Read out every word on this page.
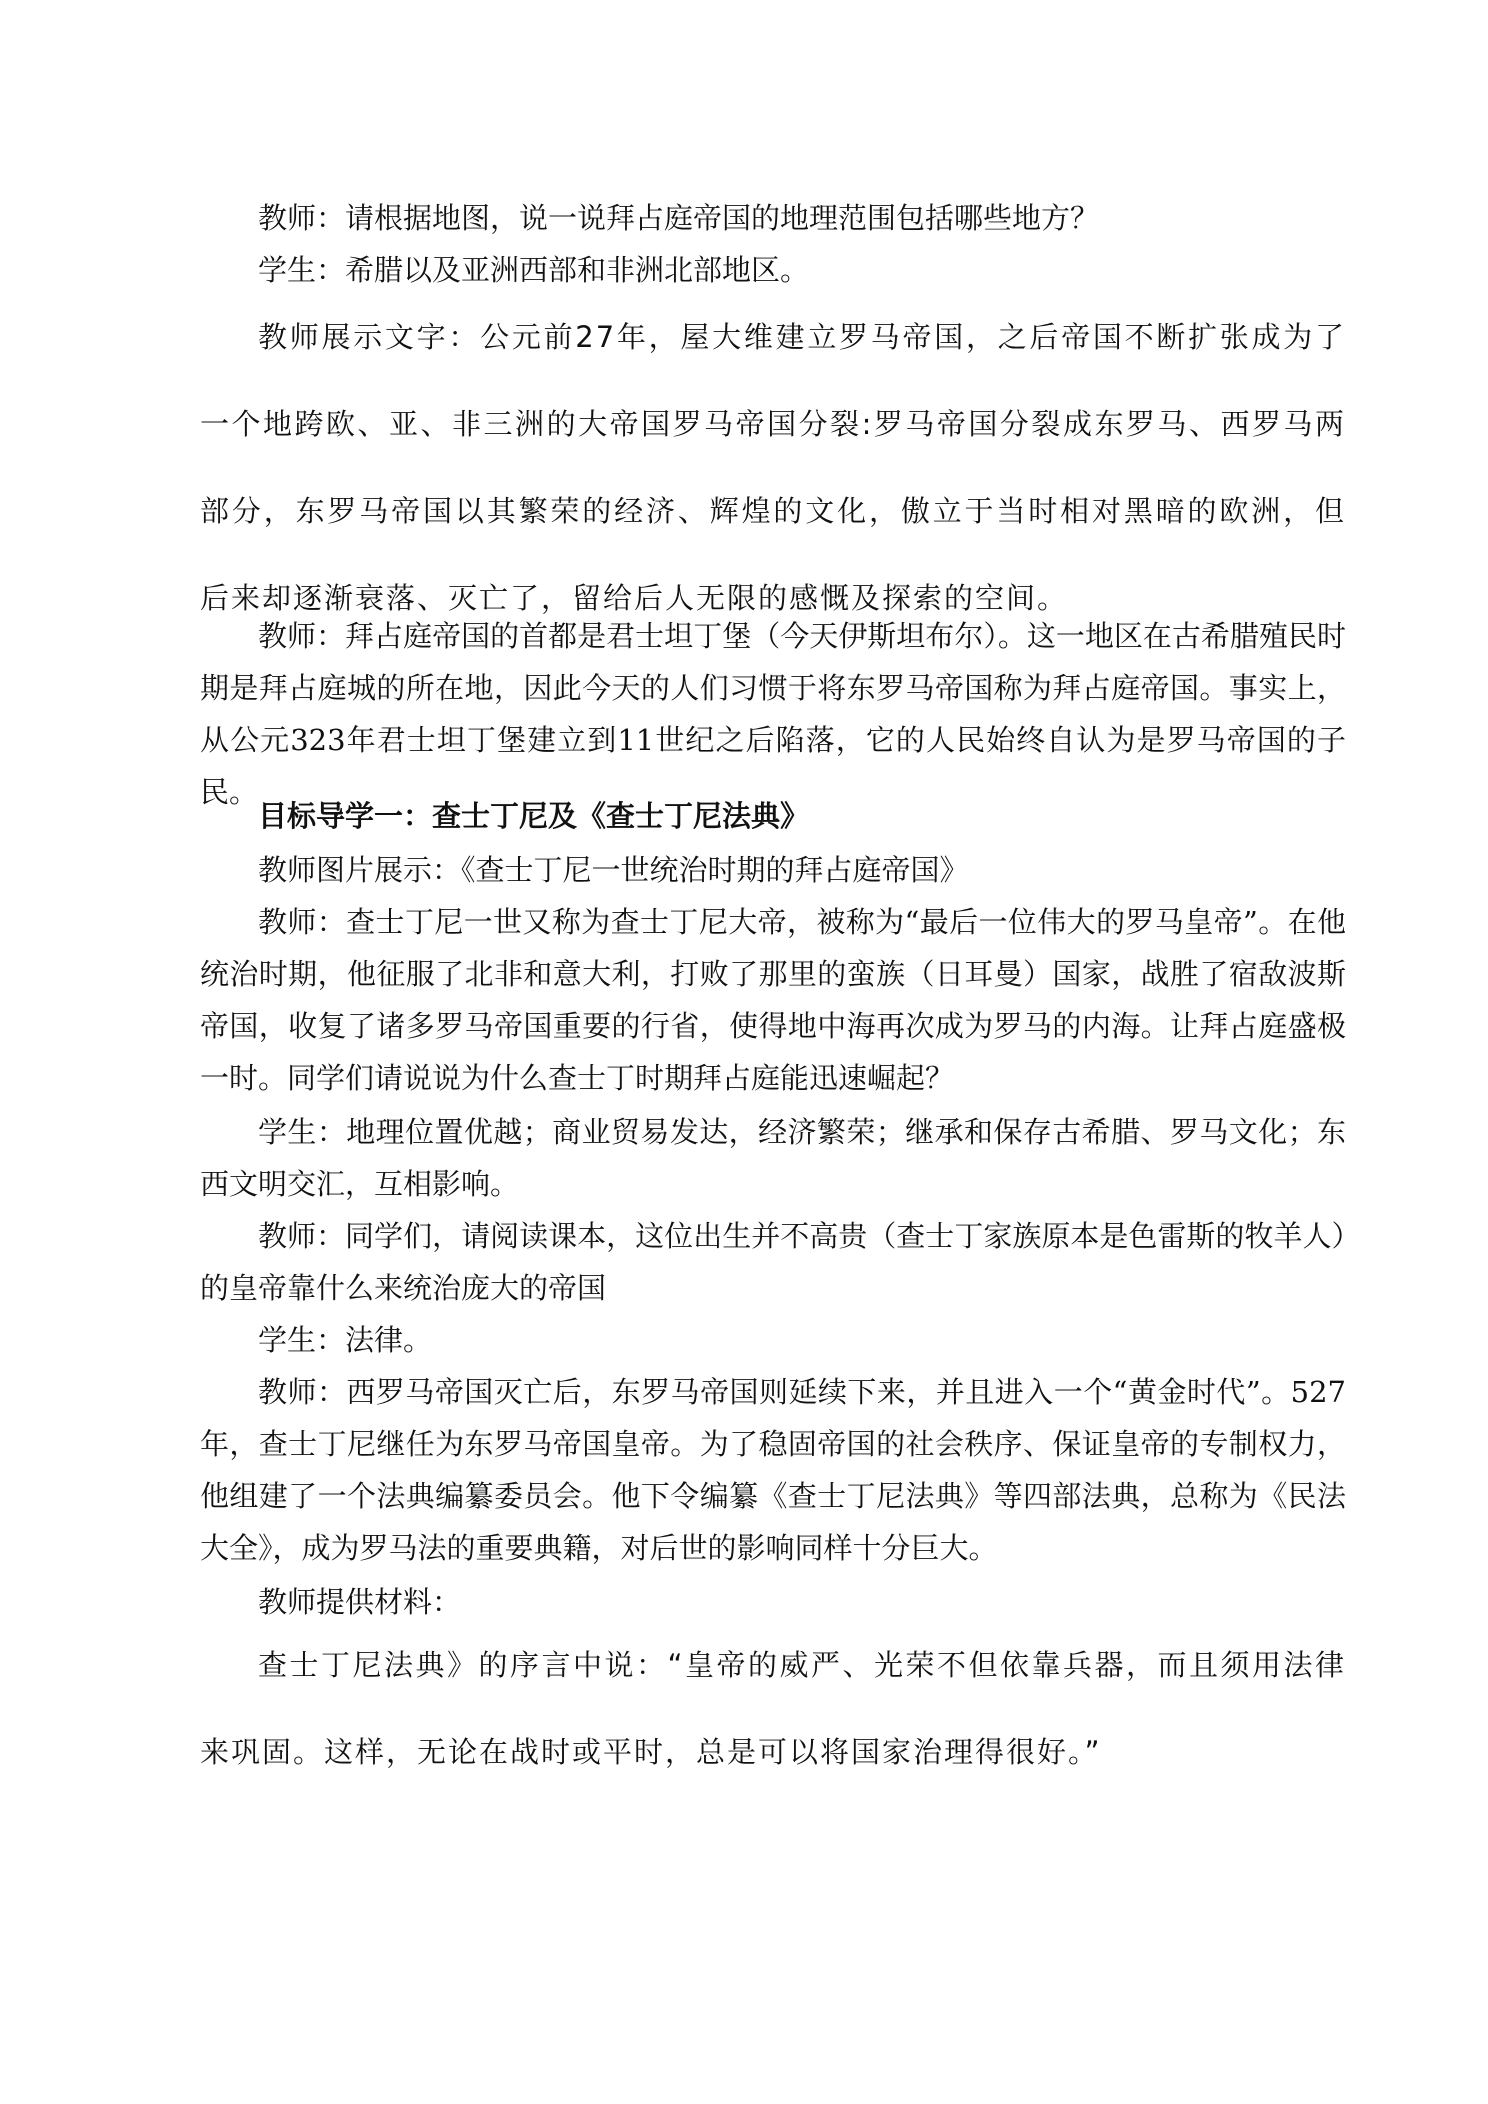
教师：请根据地图，说一说拜占庭帝国的地理范围包括哪些地方？

学生：希腊以及亚洲西部和非洲北部地区。

教师展示文字：公元前27年，屋大维建立罗马帝国，之后帝国不断扩张成为了一个地跨欧、亚、非三洲的大帝国罗马帝国分裂:罗马帝国分裂成东罗马、西罗马两部分，东罗马帝国以其繁荣的经济、辉煌的文化，傲立于当时相对黑暗的欧洲，但后来却逐渐衰落、灭亡了，留给后人无限的感慨及探索的空间。

教师：拜占庭帝国的首都是君士坦丁堡（今天伊斯坦布尔）。这一地区在古希腊殖民时期是拜占庭城的所在地，因此今天的人们习惯于将东罗马帝国称为拜占庭帝国。事实上，从公元323年君士坦丁堡建立到11世纪之后陷落，它的人民始终自认为是罗马帝国的子民。

目标导学一：查士丁尼及《查士丁尼法典》

教师图片展示：《查士丁尼一世统治时期的拜占庭帝国》

教师：查士丁尼一世又称为查士丁尼大帝，被称为“最后一位伟大的罗马皇帝”。在他统治时期，他征服了北非和意大利，打败了那里的蛮族（日耳曼）国家，战胜了宿敌波斯帝国，收复了诸多罗马帝国重要的行省，使得地中海再次成为罗马的内海。让拜占庭盛极一时。同学们请说说为什么查士丁时期拜占庭能迅速崛起？

学生：地理位置优越；商业贸易发达，经济繁荣；继承和保存古希腊、罗马文化；东西文明交汇，互相影响。

教师：同学们，请阅读课本，这位出生并不高贵（查士丁家族原本是色雷斯的牧羊人）的皇帝靠什么来统治庞大的帝国

学生：法律。

教师：西罗马帝国灭亡后，东罗马帝国则延续下来，并且进入一个“黄金时代”。527年，查士丁尼继任为东罗马帝国皇帝。为了稳固帝国的社会秩序、保证皇帝的专制权力，他组建了一个法典编纂委员会。他下令编纂《查士丁尼法典》等四部法典，总称为《民法大全》，成为罗马法的重要典籍，对后世的影响同样十分巨大。

教师提供材料：

查士丁尼法典》的序言中说：“皇帝的威严、光荣不但依靠兵器，而且须用法律来巩固。这样，无论在战时或平时，总是可以将国家治理得很好。”
